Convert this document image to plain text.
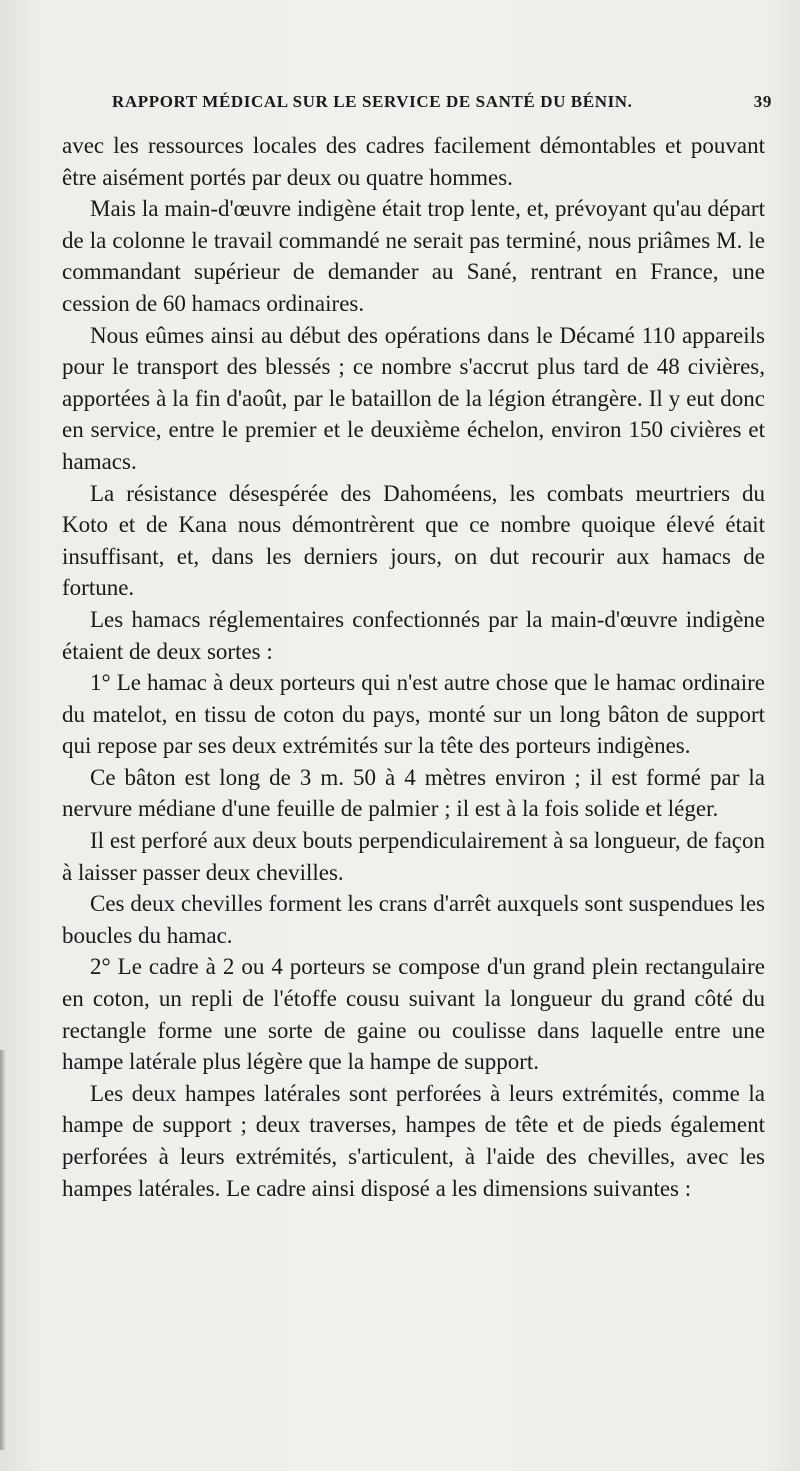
RAPPORT MÉDICAL SUR LE SERVICE DE SANTÉ DU BÉNIN.	39

avec les ressources locales des cadres facilement démontables et pouvant être aisément portés par deux ou quatre hommes.

Mais la main-d'œuvre indigène était trop lente, et, prévoyant qu'au départ de la colonne le travail commandé ne serait pas terminé, nous priâmes M. le commandant supérieur de demander au Sané, rentrant en France, une cession de 60 hamacs ordinaires.

Nous eûmes ainsi au début des opérations dans le Décamé 110 appareils pour le transport des blessés ; ce nombre s'accrut plus tard de 48 civières, apportées à la fin d'août, par le bataillon de la légion étrangère. Il y eut donc en service, entre le premier et le deuxième échelon, environ 150 civières et hamacs.

La résistance désespérée des Dahoméens, les combats meurtriers du Koto et de Kana nous démontrèrent que ce nombre quoique élevé était insuffisant, et, dans les derniers jours, on dut recourir aux hamacs de fortune.

Les hamacs réglementaires confectionnés par la main-d'œuvre indigène étaient de deux sortes :

1° Le hamac à deux porteurs qui n'est autre chose que le hamac ordinaire du matelot, en tissu de coton du pays, monté sur un long bâton de support qui repose par ses deux extrémités sur la tête des porteurs indigènes.

Ce bâton est long de 3 m. 50 à 4 mètres environ ; il est formé par la nervure médiane d'une feuille de palmier ; il est à la fois solide et léger.

Il est perforé aux deux bouts perpendiculairement à sa longueur, de façon à laisser passer deux chevilles.

Ces deux chevilles forment les crans d'arrêt auxquels sont suspendues les boucles du hamac.

2° Le cadre à 2 ou 4 porteurs se compose d'un grand plein rectangulaire en coton, un repli de l'étoffe cousu suivant la longueur du grand côté du rectangle forme une sorte de gaine ou coulisse dans laquelle entre une hampe latérale plus légère que la hampe de support.

Les deux hampes latérales sont perforées à leurs extrémités, comme la hampe de support ; deux traverses, hampes de tête et de pieds également perforées à leurs extrémités, s'articulent, à l'aide des chevilles, avec les hampes latérales. Le cadre ainsi disposé a les dimensions suivantes :
